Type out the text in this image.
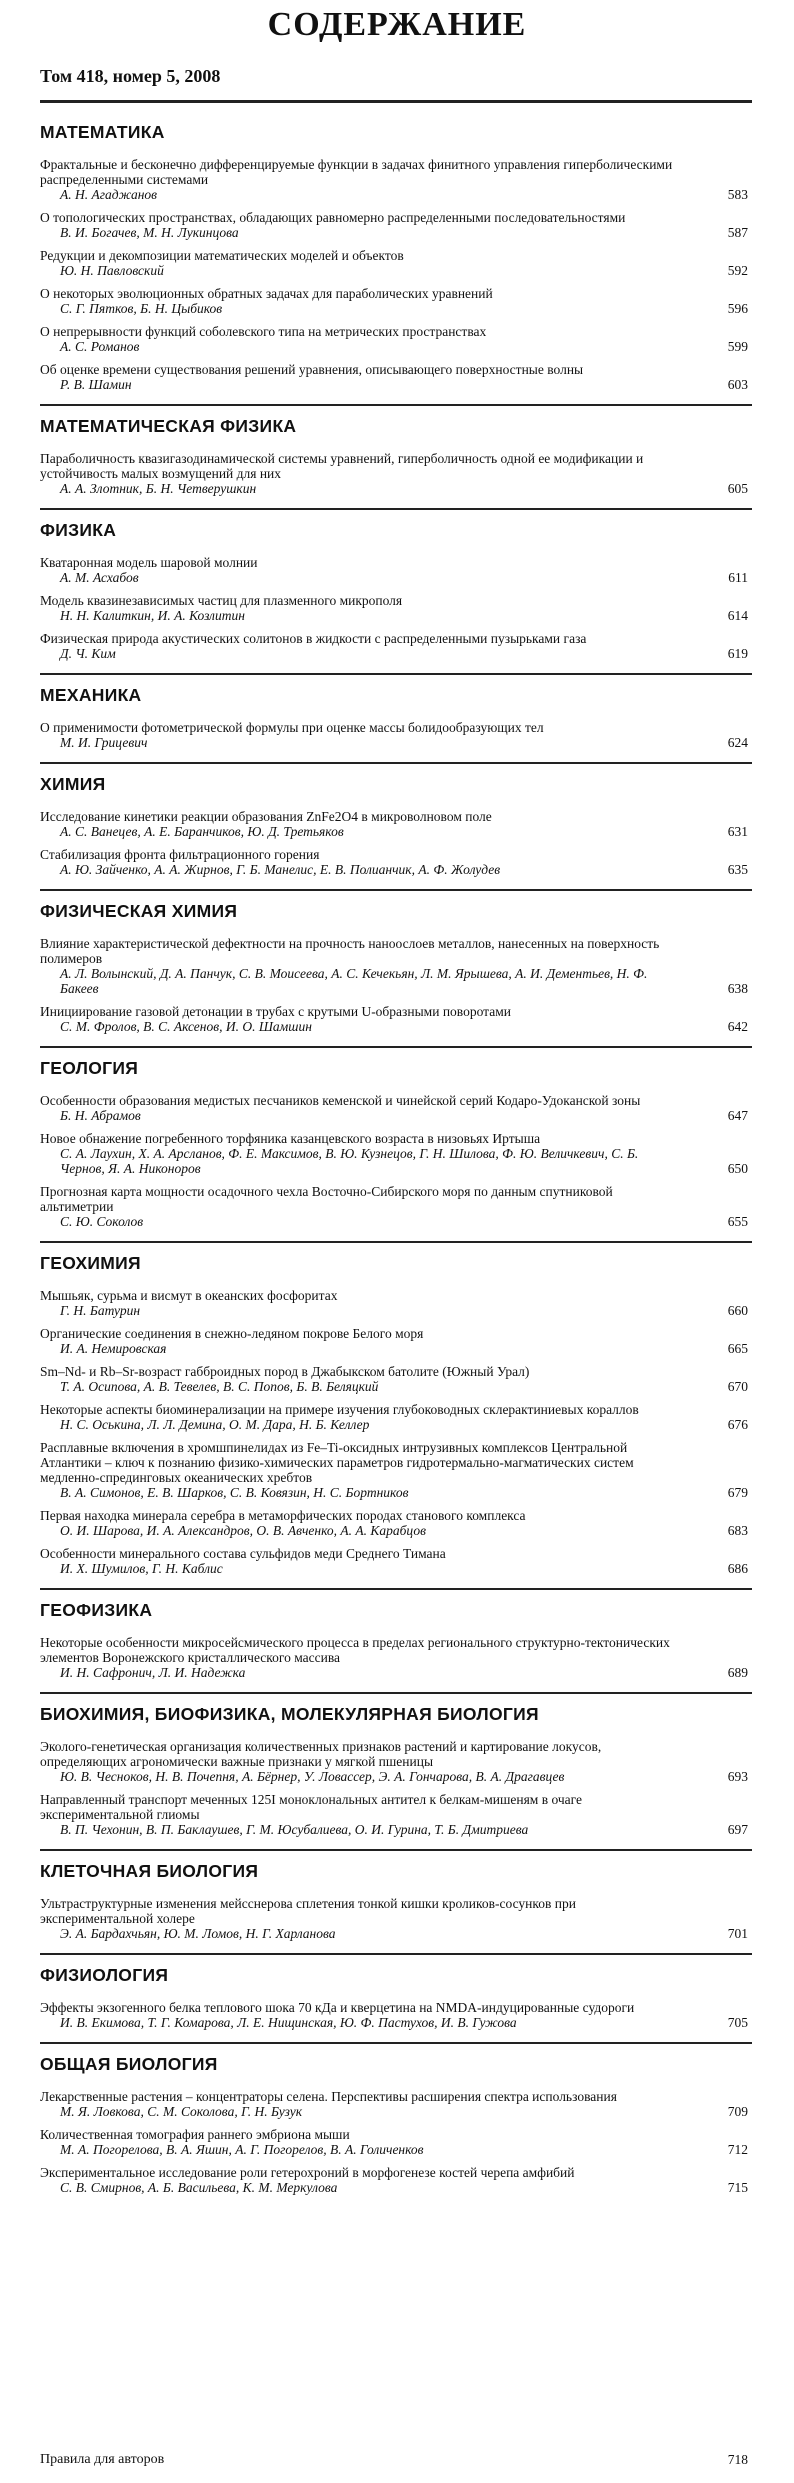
СОДЕРЖАНИЕ
Том 418, номер 5, 2008
МАТЕМАТИКА
Фрактальные и бесконечно дифференцируемые функции в задачах финитного управления гиперболическими распределенными системами
А. Н. Агаджанов	583
О топологических пространствах, обладающих равномерно распределенными последовательностями
В. И. Богачев, М. Н. Лукинцова	587
Редукции и декомпозиции математических моделей и объектов
Ю. Н. Павловский	592
О некоторых эволюционных обратных задачах для параболических уравнений
С. Г. Пятков, Б. Н. Цыбиков	596
О непрерывности функций соболевского типа на метрических пространствах
А. С. Романов	599
Об оценке времени существования решений уравнения, описывающего поверхностные волны
Р. В. Шамин	603
МАТЕМАТИЧЕСКАЯ ФИЗИКА
Параболичность квазигазодинамической системы уравнений, гиперболичность одной ее модификации и устойчивость малых возмущений для них
А. А. Злотник, Б. Н. Четверушкин	605
ФИЗИКА
Кватаронная модель шаровой молнии
А. М. Асхабов	611
Модель квазинезависимых частиц для плазменного микрополя
Н. Н. Калиткин, И. А. Козлитин	614
Физическая природа акустических солитонов в жидкости с распределенными пузырьками газа
Д. Ч. Ким	619
МЕХАНИКА
О применимости фотометрической формулы при оценке массы болидообразующих тел
М. И. Грицевич	624
ХИМИЯ
Исследование кинетики реакции образования ZnFe2O4 в микроволновом поле
А. С. Ванецев, А. Е. Баранчиков, Ю. Д. Третьяков	631
Стабилизация фронта фильтрационного горения
А. Ю. Зайченко, А. А. Жирнов, Г. Б. Манелис, Е. В. Полианчик, А. Ф. Жолудев	635
ФИЗИЧЕСКАЯ ХИМИЯ
Влияние характеристической дефектности на прочность наноослоев металлов, нанесенных на поверхность полимеров
А. Л. Волынский, Д. А. Панчук, С. В. Моисеева, А. С. Кечекьян, Л. М. Ярышева, А. И. Дементьев, Н. Ф. Бакеев	638
Инициирование газовой детонации в трубах с крутыми U-образными поворотами
С. М. Фролов, В. С. Аксенов, И. О. Шамшин	642
ГЕОЛОГИЯ
Особенности образования медистых песчаников кеменской и чинейской серий Кодаро-Удоканской зоны
Б. Н. Абрамов	647
Новое обнажение погребенного торфяника казанцевского возраста в низовьях Иртыша
С. А. Лаухин, Х. А. Арсланов, Ф. Е. Максимов, В. Ю. Кузнецов, Г. Н. Шилова, Ф. Ю. Величкевич, С. Б. Чернов, Я. А. Никоноров	650
Прогнозная карта мощности осадочного чехла Восточно-Сибирского моря по данным спутниковой альтиметрии
С. Ю. Соколов	655
ГЕОХИМИЯ
Мышьяк, сурьма и висмут в океанских фосфоритах
Г. Н. Батурин	660
Органические соединения в снежно-ледяном покрове Белого моря
И. А. Немировская	665
Sm–Nd- и Rb–Sr-возраст габброидных пород в Джабыкском батолите (Южный Урал)
Т. А. Осипова, А. В. Тевелев, В. С. Попов, Б. В. Беляцкий	670
Некоторые аспекты биоминерализации на примере изучения глубоководных склерактиниевых кораллов
Н. С. Оськина, Л. Л. Демина, О. М. Дара, Н. Б. Келлер	676
Расплавные включения в хромшпинелидах из Fe–Ti-оксидных интрузивных комплексов Центральной Атлантики – ключ к познанию физико-химических параметров гидротермально-магматических систем медленно-спрединговых океанических хребтов
В. А. Симонов, Е. В. Шарков, С. В. Ковязин, Н. С. Бортников	679
Первая находка минерала серебра в метаморфических породах станового комплекса
О. И. Шарова, И. А. Александров, О. В. Авченко, А. А. Карабцов	683
Особенности минерального состава сульфидов меди Среднего Тимана
И. Х. Шумилов, Г. Н. Каблис	686
ГЕОФИЗИКА
Некоторые особенности микросейсмического процесса в пределах регионального структурно-тектонических элементов Воронежского кристаллического массива
И. Н. Сафронич, Л. И. Надежка	689
БИОХИМИЯ, БИОФИЗИКА, МОЛЕКУЛЯРНАЯ БИОЛОГИЯ
Эколого-генетическая организация количественных признаков растений и картирование локусов, определяющих агрономически важные признаки у мягкой пшеницы
Ю. В. Чесноков, Н. В. Почепня, А. Бёрнер, У. Ловассер, Э. А. Гончарова, В. А. Драгавцев	693
Направленный транспорт меченных 125I моноклональных антител к белкам-мишеням в очаге экспериментальной глиомы
В. П. Чехонин, В. П. Баклаушев, Г. М. Юсубалиева, О. И. Гурина, Т. Б. Дмитриева	697
КЛЕТОЧНАЯ БИОЛОГИЯ
Ультраструктурные изменения мейсснерова сплетения тонкой кишки кроликов-сосунков при экспериментальной холере
Э. А. Бардахчьян, Ю. М. Ломов, Н. Г. Харланова	701
ФИЗИОЛОГИЯ
Эффекты экзогенного белка теплового шока 70 кДа и кверцетина на NMDA-индуцированные судороги
И. В. Екимова, Т. Г. Комарова, Л. Е. Нищинская, Ю. Ф. Пастухов, И. В. Гужова	705
ОБЩАЯ БИОЛОГИЯ
Лекарственные растения – концентраторы селена. Перспективы расширения спектра использования
М. Я. Ловкова, С. М. Соколова, Г. Н. Бузук	709
Количественная томография раннего эмбриона мыши
М. А. Погорелова, В. А. Яшин, А. Г. Погорелов, В. А. Голиченков	712
Экспериментальное исследование роли гетерохроний в морфогенезе костей черепа амфибий
С. В. Смирнов, А. Б. Васильева, К. М. Меркулова	715
Правила для авторов	718
